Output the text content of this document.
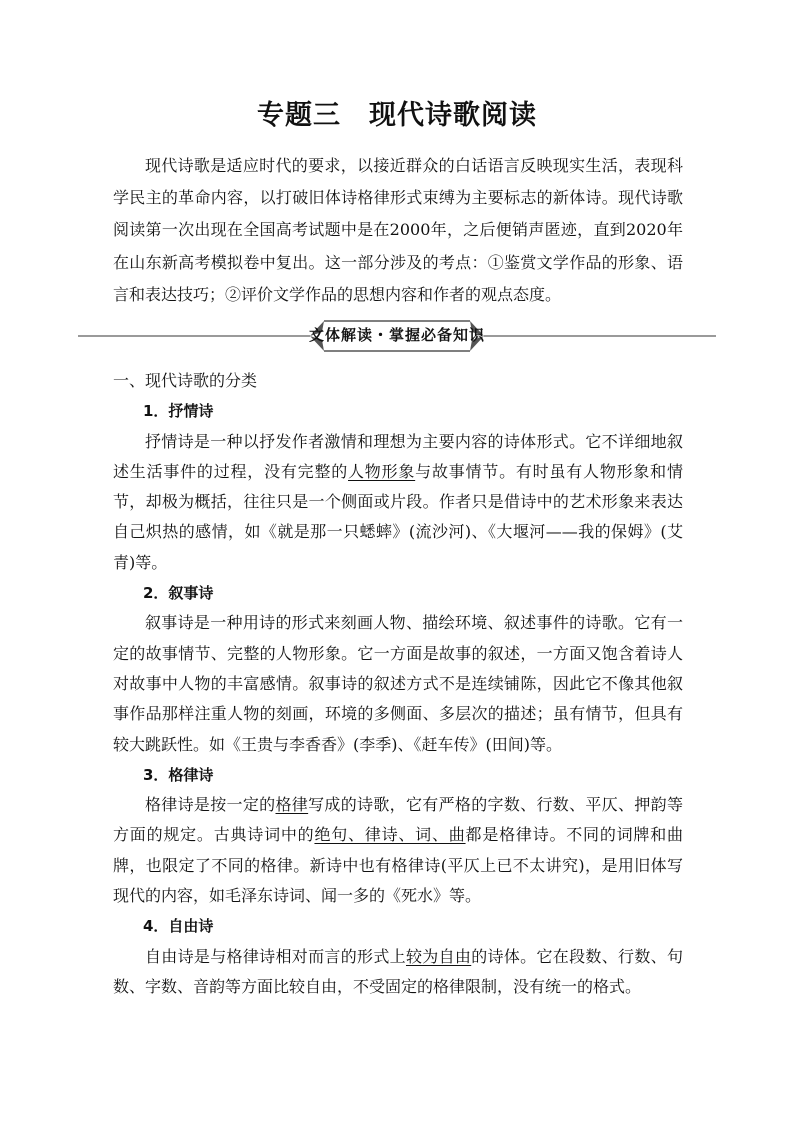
专题三　现代诗歌阅读

现代诗歌是适应时代的要求，以接近群众的白话语言反映现实生活，表现科学民主的革命内容，以打破旧体诗格律形式束缚为主要标志的新体诗。现代诗歌阅读第一次出现在全国高考试题中是在2000年，之后便销声匿迹，直到2020年在山东新高考模拟卷中复出。这一部分涉及的考点：①鉴赏文学作品的形象、语言和表达技巧；②评价文学作品的思想内容和作者的观点态度。

文体解读・掌握必备知识

一、现代诗歌的分类

1．抒情诗

抒情诗是一种以抒发作者激情和理想为主要内容的诗体形式。它不详细地叙述生活事件的过程，没有完整的人物形象与故事情节。有时虽有人物形象和情节，却极为概括，往往只是一个侧面或片段。作者只是借诗中的艺术形象来表达自己炽热的感情，如《就是那一只蟋蟀》(流沙河)、《大堰河——我的保姆》(艾青)等。

2．叙事诗

叙事诗是一种用诗的形式来刻画人物、描绘环境、叙述事件的诗歌。它有一定的故事情节、完整的人物形象。它一方面是故事的叙述，一方面又饱含着诗人对故事中人物的丰富感情。叙事诗的叙述方式不是连续铺陈，因此它不像其他叙事作品那样注重人物的刻画，环境的多侧面、多层次的描述；虽有情节，但具有较大跳跃性。如《王贵与李香香》(李季)、《赶车传》(田间)等。

3．格律诗

格律诗是按一定的格律写成的诗歌，它有严格的字数、行数、平仄、押韵等方面的规定。古典诗词中的绝句、律诗、词、曲都是格律诗。不同的词牌和曲牌，也限定了不同的格律。新诗中也有格律诗(平仄上已不太讲究)，是用旧体写现代的内容，如毛泽东诗词、闻一多的《死水》等。

4．自由诗

自由诗是与格律诗相对而言的形式上较为自由的诗体。它在段数、行数、句数、字数、音韵等方面比较自由，不受固定的格律限制，没有统一的格式。
